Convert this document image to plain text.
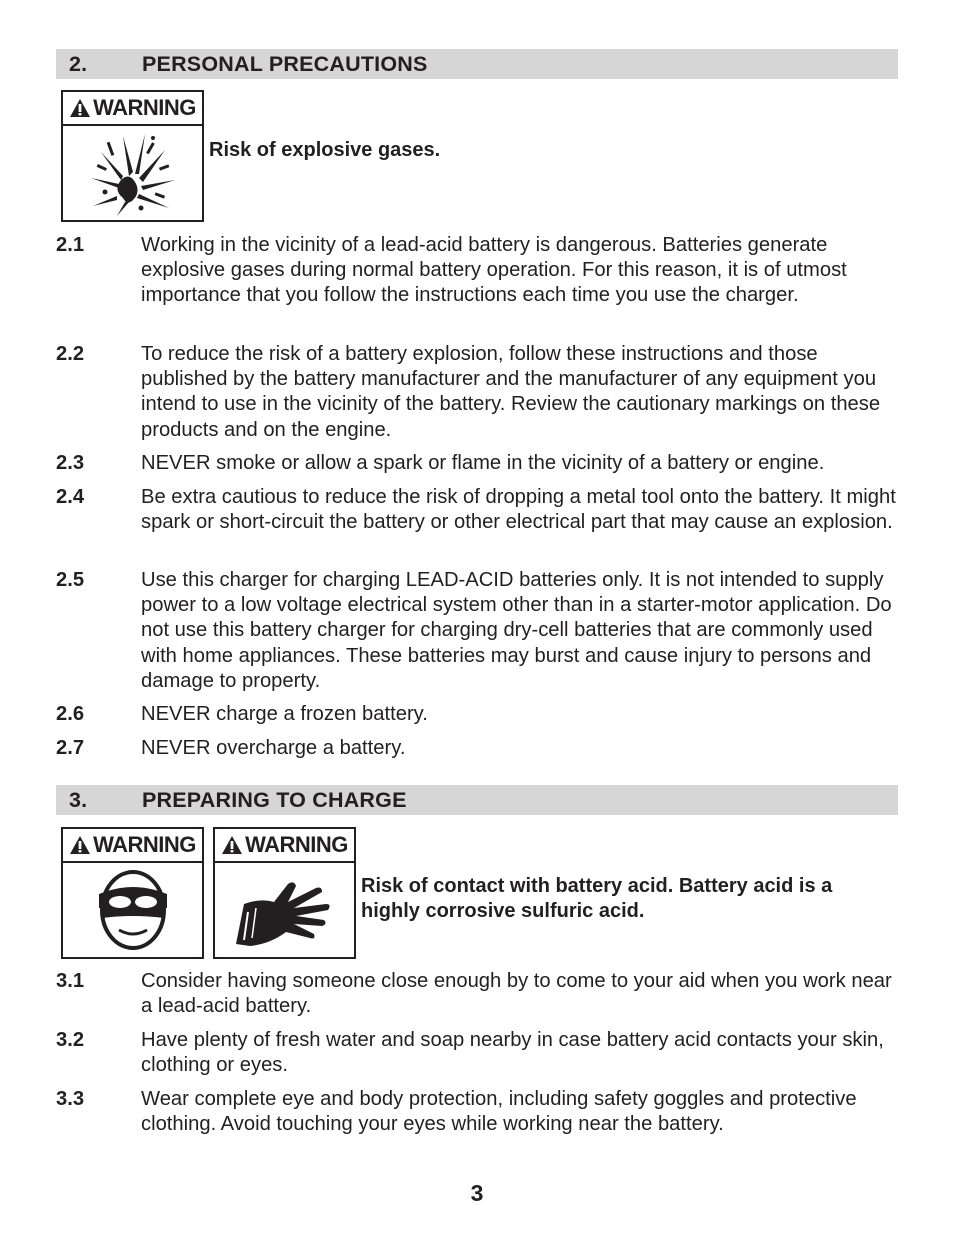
2.	PERSONAL PRECAUTIONS
WARNING
Risk of explosive gases.
2.1	Working in the vicinity of a lead-acid battery is dangerous. Batteries generate explosive gases during normal battery operation. For this reason, it is of utmost importance that you follow the instructions each time you use the charger.
2.2	To reduce the risk of a battery explosion, follow these instructions and those published by the battery manufacturer and the manufacturer of any equipment you intend to use in the vicinity of the battery. Review the cautionary markings on these products and on the engine.
2.3	NEVER smoke or allow a spark or flame in the vicinity of a battery or engine.
2.4	Be extra cautious to reduce the risk of dropping a metal tool onto the battery. It might spark or short-circuit the battery or other electrical part that may cause an explosion.
2.5	Use this charger for charging LEAD-ACID batteries only. It is not intended to supply power to a low voltage electrical system other than in a starter-motor application. Do not use this battery charger for charging dry-cell batteries that are commonly used with home appliances. These batteries may burst and cause injury to persons and damage to property.
2.6	NEVER charge a frozen battery.
2.7	NEVER overcharge a battery.
3.	PREPARING TO CHARGE
WARNING WARNING
Risk of contact with battery acid. Battery acid is a
highly corrosive sulfuric acid.
3.1	Consider having someone close enough by to come to your aid when you work near a lead-acid battery.
3.2	Have plenty of fresh water and soap nearby in case battery acid contacts your skin, clothing or eyes.
3.3	Wear complete eye and body protection, including safety goggles and protective clothing. Avoid touching your eyes while working near the battery.
3
